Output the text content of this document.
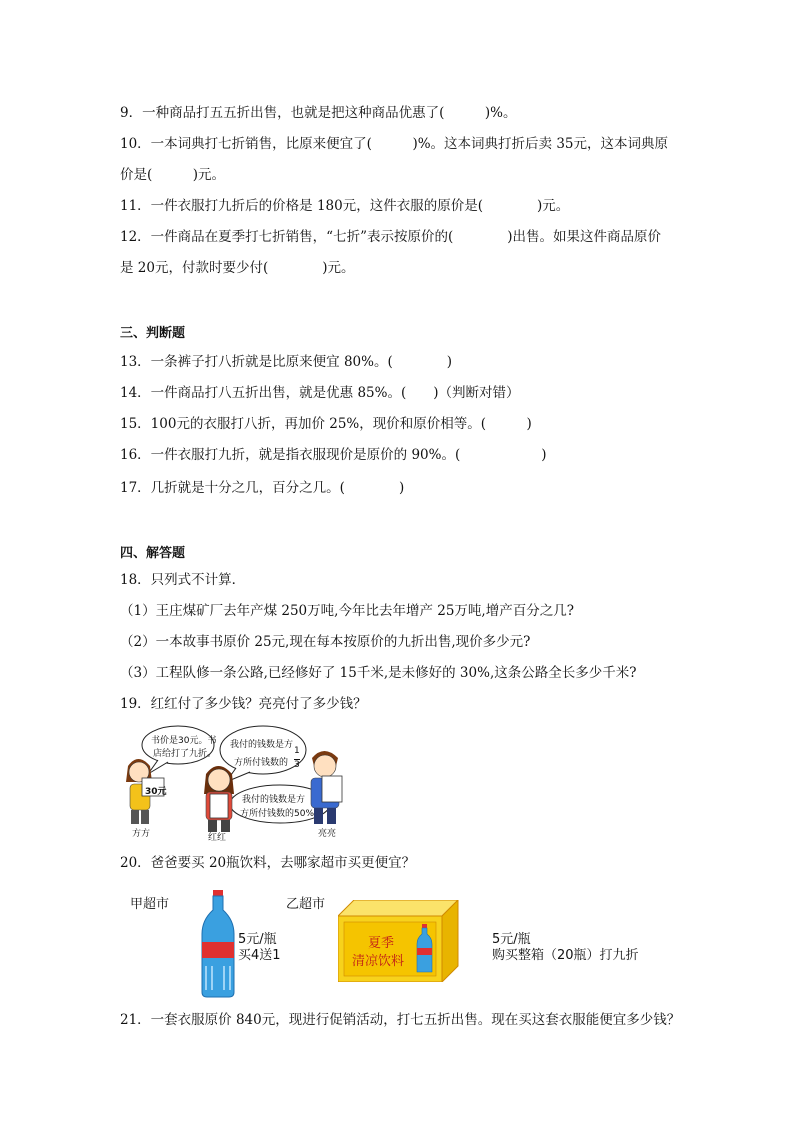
9．一种商品打五五折出售，也就是把这种商品优惠了(　　　)%。
10．一本词典打七折销售，比原来便宜了(　　　)%。这本词典打折后卖 35元，这本词典原
价是(　　　)元。
11．一件衣服打九折后的价格是 180元，这件衣服的原价是(　　　　)元。
12．一件商品在夏季打七折销售，“七折”表示按原价的(　　　　)出售。如果这件商品原价
是 20元，付款时要少付(　　　　)元。
三、判断题
13．一条裤子打八折就是比原来便宜 80%。(　　　　)
14．一件商品打八五折出售，就是优惠 85%。(　　)（判断对错）
15．100元的衣服打八折，再加价 25%，现价和原价相等。(　　　)
16．一件衣服打九折，就是指衣服现价是原价的 90%。(　　　　　　)
17．几折就是十分之几，百分之几。(　　　　)
四、解答题
18．只列式不计算．
（1）王庄煤矿厂去年产煤 250万吨,今年比去年增产 25万吨,增产百分之几?
（2）一本故事书原价 25元,现在每本按原价的九折出售,现价多少元?
（3）工程队修一条公路,已经修好了 15千米,是未修好的 30%,这条公路全长多少千米?
19．红红付了多少钱？亮亮付了多少钱？
书价是30元。书
店给打了九折。
30元
我付的钱数是方
方所付钱数的
1
3
我付的钱数是方
方所付钱数的50%
方方	红红	亮亮
20．爸爸要买 20瓶饮料，去哪家超市买更便宜？
甲超市
5元/瓶
买4送1
乙超市
夏季
清凉饮料
5元/瓶
购买整箱（20瓶）打九折
21．一套衣服原价 840元，现进行促销活动，打七五折出售。现在买这套衣服能便宜多少钱？
